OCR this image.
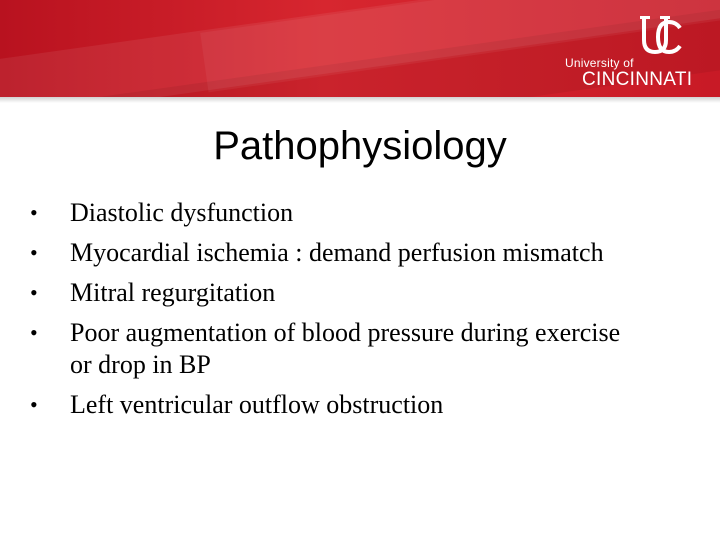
University of
CINCINNATI
Pathophysiology
• Diastolic dysfunction
• Myocardial ischemia : demand perfusion mismatch
• Mitral regurgitation
• Poor augmentation of blood pressure during exercise or drop in BP
• Left ventricular outflow obstruction
